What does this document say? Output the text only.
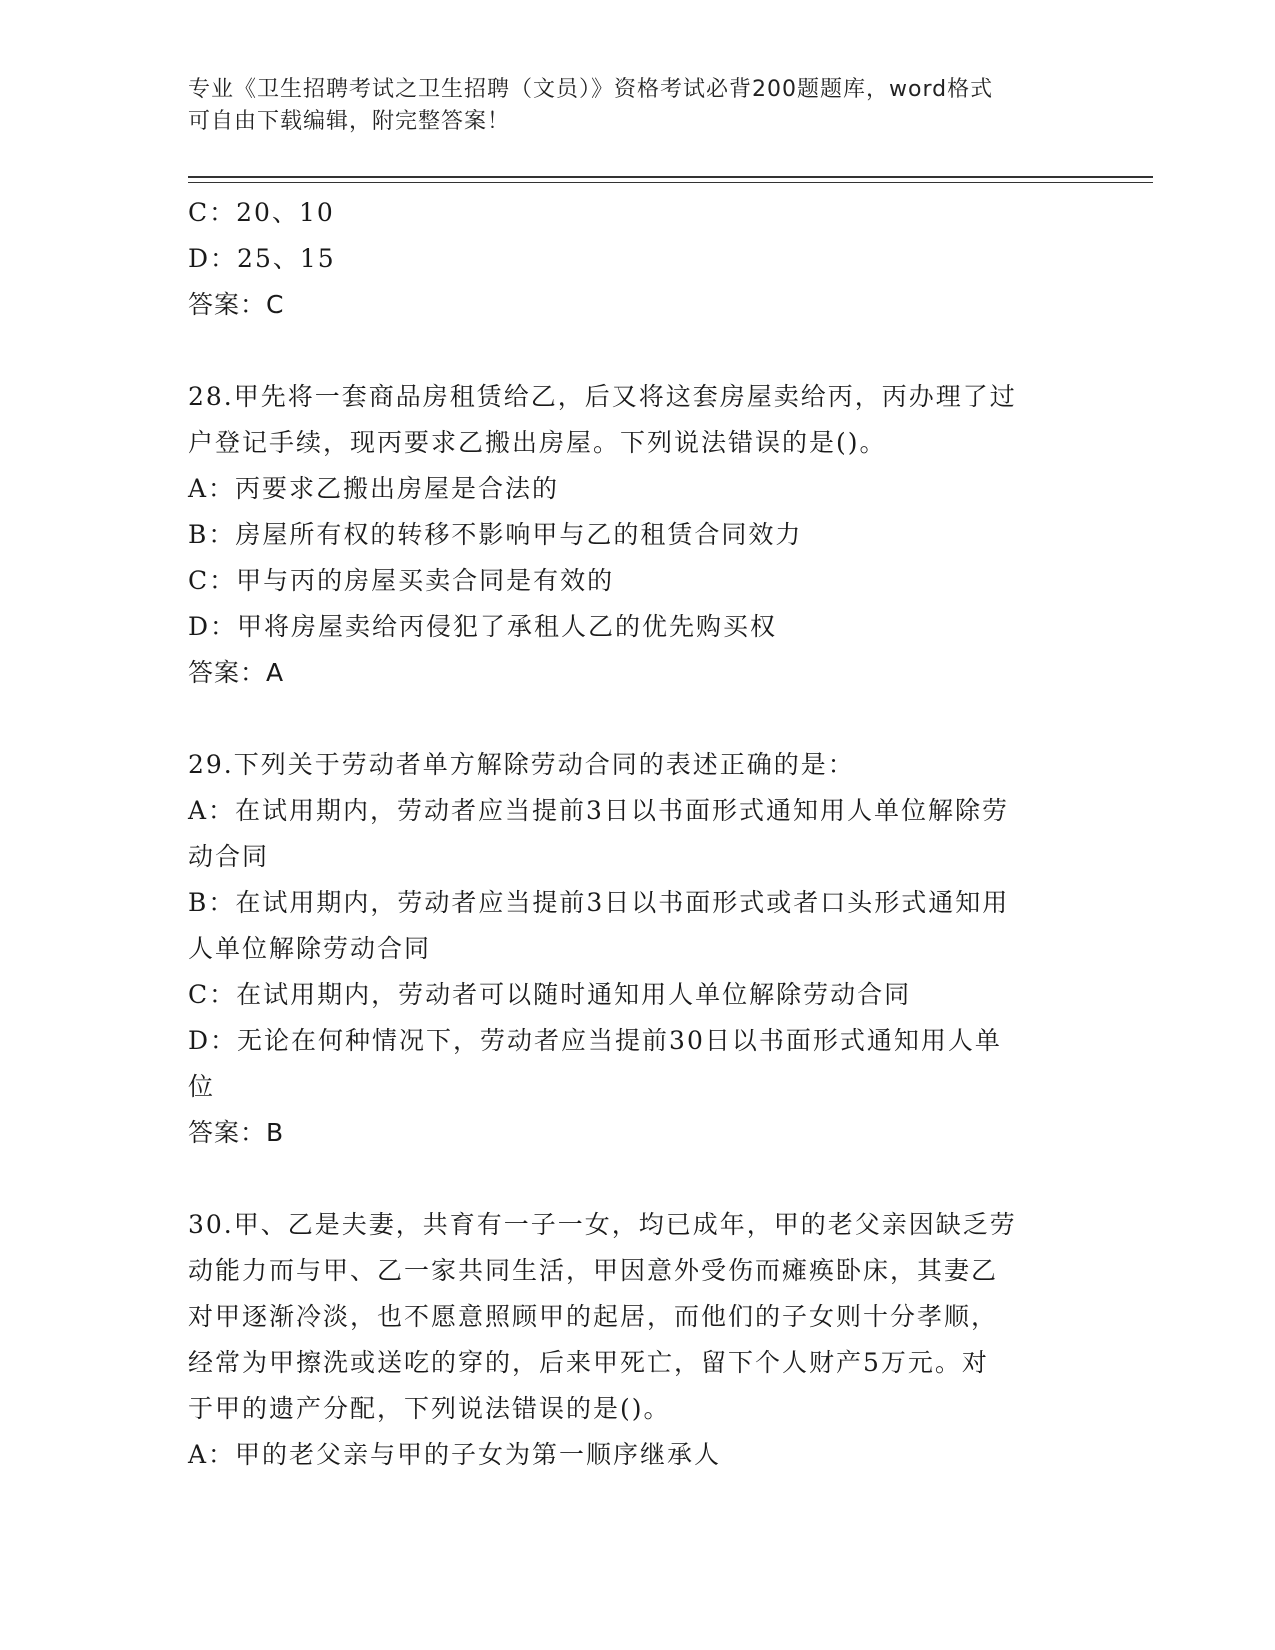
专业《卫生招聘考试之卫生招聘（文员）》资格考试必背200题题库，word格式
可自由下载编辑，附完整答案！
C：20、10
D：25、15
答案：C
28.甲先将一套商品房租赁给乙，后又将这套房屋卖给丙，丙办理了过
户登记手续，现丙要求乙搬出房屋。下列说法错误的是()。
A：丙要求乙搬出房屋是合法的
B：房屋所有权的转移不影响甲与乙的租赁合同效力
C：甲与丙的房屋买卖合同是有效的
D：甲将房屋卖给丙侵犯了承租人乙的优先购买权
答案：A
29.下列关于劳动者单方解除劳动合同的表述正确的是：
A：在试用期内，劳动者应当提前3日以书面形式通知用人单位解除劳
动合同
B：在试用期内，劳动者应当提前3日以书面形式或者口头形式通知用
人单位解除劳动合同
C：在试用期内，劳动者可以随时通知用人单位解除劳动合同
D：无论在何种情况下，劳动者应当提前30日以书面形式通知用人单
位
答案：B
30.甲、乙是夫妻，共育有一子一女，均已成年，甲的老父亲因缺乏劳
动能力而与甲、乙一家共同生活，甲因意外受伤而瘫痪卧床，其妻乙
对甲逐渐冷淡，也不愿意照顾甲的起居，而他们的子女则十分孝顺，
经常为甲擦洗或送吃的穿的，后来甲死亡，留下个人财产5万元。对
于甲的遗产分配，下列说法错误的是()。
A：甲的老父亲与甲的子女为第一顺序继承人
